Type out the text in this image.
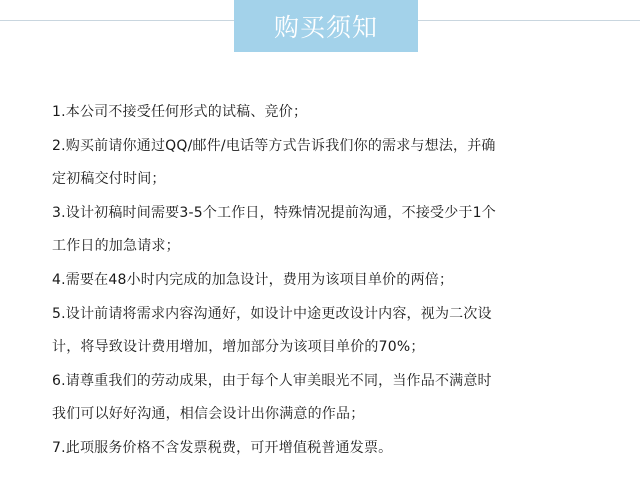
购买须知
1.本公司不接受任何形式的试稿、竞价；
2.购买前请你通过QQ/邮件/电话等方式告诉我们你的需求与想法，并确
定初稿交付时间；
3.设计初稿时间需要3-5个工作日，特殊情况提前沟通，不接受少于1个
工作日的加急请求；
4.需要在48小时内完成的加急设计，费用为该项目单价的两倍；
5.设计前请将需求内容沟通好，如设计中途更改设计内容，视为二次设
计，将导致设计费用增加，增加部分为该项目单价的70%；
6.请尊重我们的劳动成果，由于每个人审美眼光不同，当作品不满意时
我们可以好好沟通，相信会设计出你满意的作品；
7.此项服务价格不含发票税费，可开增值税普通发票。
